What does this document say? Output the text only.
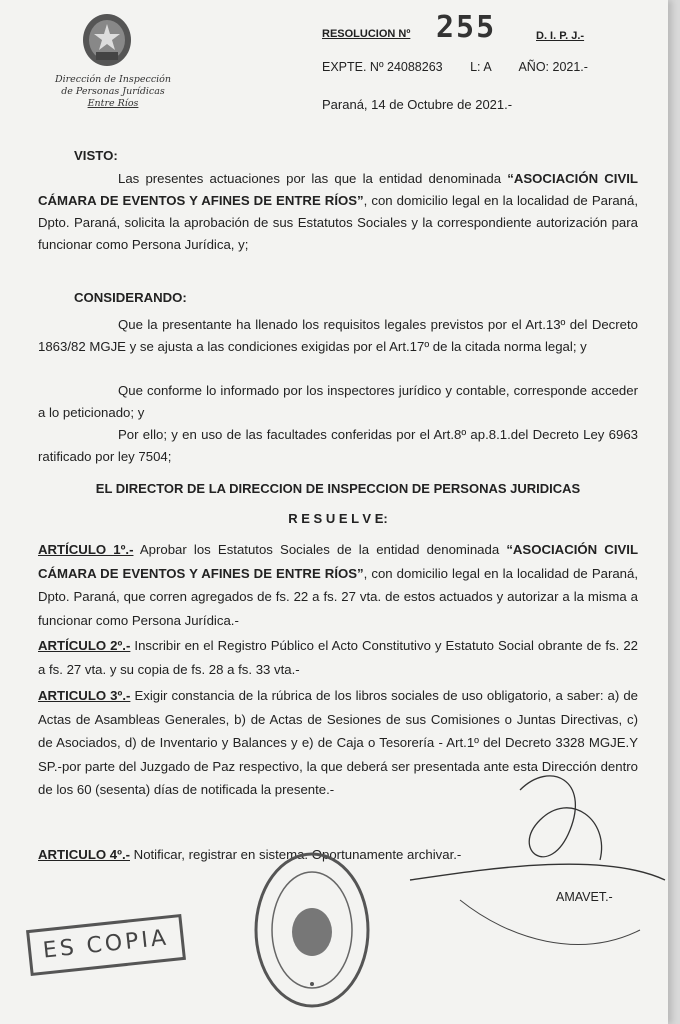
Dirección de Inspección
de Personas Jurídicas
Entre Ríos
RESOLUCION Nº 255	D. I. P. J.-
EXPTE. Nº 24088263 L: A AÑO: 2021.-
Paraná, 14 de Octubre de 2021.-
VISTO:
Las presentes actuaciones por las que la entidad denominada “ASOCIACIÓN CIVIL CÁMARA DE EVENTOS Y AFINES DE ENTRE RÍOS”, con domicilio legal en la localidad de Paraná, Dpto. Paraná, solicita la aprobación de sus Estatutos Sociales y la correspondiente autorización para funcionar como Persona Jurídica, y;
CONSIDERANDO:
Que la presentante ha llenado los requisitos legales previstos por el Art.13º del Decreto 1863/82 MGJE y se ajusta a las condiciones exigidas por el Art.17º de la citada norma legal; y
Que conforme lo informado por los inspectores jurídico y contable, corresponde acceder a lo peticionado; y
Por ello; y en uso de las facultades conferidas por el Art.8º ap.8.1.del Decreto Ley 6963 ratificado por ley 7504;
EL DIRECTOR DE LA DIRECCION DE INSPECCION DE PERSONAS JURIDICAS
R E S U E L V E:
ARTÍCULO 1º.- Aprobar los Estatutos Sociales de la entidad denominada “ASOCIACIÓN CIVIL CÁMARA DE EVENTOS Y AFINES DE ENTRE RÍOS”, con domicilio legal en la localidad de Paraná, Dpto. Paraná, que corren agregados de fs. 22 a fs. 27 vta. de estos actuados y autorizar a la misma a funcionar como Persona Jurídica.-
ARTÍCULO 2º.- Inscribir en el Registro Público el Acto Constitutivo y Estatuto Social obrante de fs. 22 a fs. 27 vta. y su copia de fs. 28 a fs. 33 vta.-
ARTICULO 3º.- Exigir constancia de la rúbrica de los libros sociales de uso obligatorio, a saber: a) de Actas de Asambleas Generales, b) de Actas de Sesiones de sus Comisiones o Juntas Directivas, c) de Asociados, d) de Inventario y Balances y e) de Caja o Tesorería - Art.1º del Decreto 3328 MGJE.Y SP.-por parte del Juzgado de Paz respectivo, la que deberá ser presentada ante esta Dirección dentro de los 60 (sesenta) días de notificada la presente.-
ARTICULO 4º.- Notificar, registrar en sistema. Oportunamente archivar.-
AMAVET.-
ES COPIA
